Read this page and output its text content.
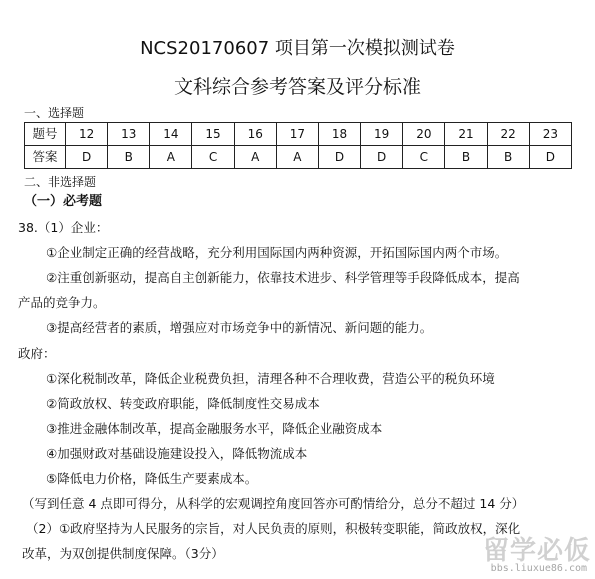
NCS20170607 项目第一次模拟测试卷
文科综合参考答案及评分标准
一、选择题
题号	12	13	14	15	16	17	18	19	20	21	22	23
答案	D	B	A	C	A	A	D	D	C	B	B	D
二、非选择题
（一）必考题
38.（1）企业：
①企业制定正确的经营战略，充分利用国际国内两种资源，开拓国际国内两个市场。
②注重创新驱动，提高自主创新能力，依靠技术进步、科学管理等手段降低成本，提高
产品的竞争力。
③提高经营者的素质，增强应对市场竞争中的新情况、新问题的能力。
政府：
①深化税制改革，降低企业税费负担，清理各种不合理收费，营造公平的税负环境
②简政放权、转变政府职能，降低制度性交易成本
③推进金融体制改革，提高金融服务水平，降低企业融资成本
④加强财政对基础设施建设投入，降低物流成本
⑤降低电力价格，降低生产要素成本。
（写到任意 4 点即可得分，从科学的宏观调控角度回答亦可酌情给分，总分不超过 14 分）
（2）①政府坚持为人民服务的宗旨，对人民负责的原则，积极转变职能，简政放权，深化
改革，为双创提供制度保障。（3分）	留学必仮
bbs.liuxue86.com
